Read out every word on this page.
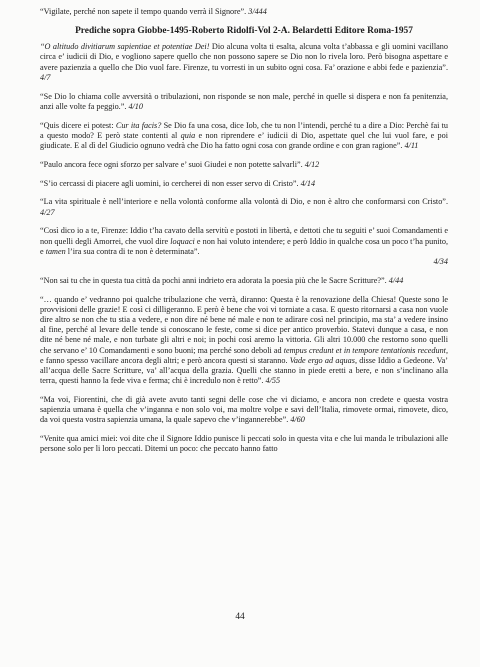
“Vigilate, perché non sapete il tempo quando verrà il Signore”. 3/444

Prediche sopra Giobbe-1495-Roberto Ridolfi-Vol 2-A. Belardetti Editore Roma-1957

“O altitudo divitiarum sapientiae et potentiae Dei! Dio alcuna volta ti esalta, alcuna volta t’abbassa e gli uomini vacillano circa e’ iudicii di Dio, e vogliono sapere quello che non possono sapere se Dio non lo rivela loro. Però bisogna aspettare e avere pazienzia a quello che Dio vuol fare. Firenze, tu vorresti in un subito ogni cosa. Fa’ orazione e abbi fede e pazienzia”. 4/7

“Se Dio lo chiama colle avversità o tribulazioni, non risponde se non male, perché in quelle si dispera e non fa penitenzia, anzi alle volte fa peggio.”. 4/10

“Quis dicere ei potest: Cur ita facis? Se Dio fa una cosa, dice Iob, che tu non l’intendi, perché tu a dire a Dio: Perchè fai tu a questo modo? E però state contenti al quia e non riprendere e’ iudicii di Dio, aspettate quel che lui vuol fare, e poi giudicate. E al dì del Giudicio ognuno vedrà che Dio ha fatto ogni cosa con grande ordine e con gran ragione”. 4/11

“Paulo ancora fece ogni sforzo per salvare e’ suoi Giudei e non potette salvarli”. 4/12

“S’io cercassi di piacere agli uomini, io cercherei di non esser servo di Cristo”. 4/14

“La vita spirituale è nell’interiore e nella volontà conforme alla volontà di Dio, e non è altro che conformarsi con Cristo”. 4/27

“Così dico io a te, Firenze: Iddio t’ha cavato della servitù e postoti in libertà, e dettoti che tu seguiti e’ suoi Comandamenti e non quelli degli Amorrei, che vuol dire loquaci e non hai voluto intendere; e però Iddio in qualche cosa un poco t’ha punito, e tamen l’ira sua contra di te non è determinata”.
4/34

“Non sai tu che in questa tua città da pochi anni indrieto era adorata la poesia più che le Sacre Scritture?”. 4/44

“… quando e’ vedranno poi qualche tribulazione che verrà, diranno: Questa è la renovazione della Chiesa! Queste sono le provvisioni delle grazie! E così ci dilligeranno. E però è bene che voi vi torniate a casa. E questo ritornarsi a casa non vuole dire altro se non che tu stia a vedere, e non dire né bene né male e non te adirare così nel principio, ma sta’ a vedere insino al fine, perché al levare delle tende si conoscano le feste, come si dice per antico proverbio. Statevi dunque a casa, e non dite né bene né male, e non turbate gli altri e noi; in pochi così aremo la vittoria. Gli altri 10.000 che restorno sono quelli che servano e’ 10 Comandamenti e sono buoni; ma perché sono deboli ad tempus credunt et in tempore tentationis recedunt, e fanno spesso vacillare ancora degli altri; e però ancora questi si staranno. Vade ergo ad aquas, disse Iddio a Gedeone. Va’ all’acqua delle Sacre Scritture, va’ all’acqua della grazia. Quelli che stanno in piede eretti a bere, e non s’inclinano alla terra, questi hanno la fede viva e ferma; chi è incredulo non è retto”. 4/55

“Ma voi, Fiorentini, che di già avete avuto tanti segni delle cose che vi diciamo, e ancora non credete e questa vostra sapienzia umana è quella che v’inganna e non solo voi, ma moltre volpe e savi dell’Italia, rimovete ormai, rimovete, dico, da voi questa vostra sapienzia umana, la quale sapevo che v’ingannerebbe”. 4/60

“Venite qua amici miei: voi dite che il Signore Iddio punisce li peccati solo in questa vita e che lui manda le tribulazioni alle persone solo per li loro peccati. Ditemi un poco: che peccato hanno fatto

44
